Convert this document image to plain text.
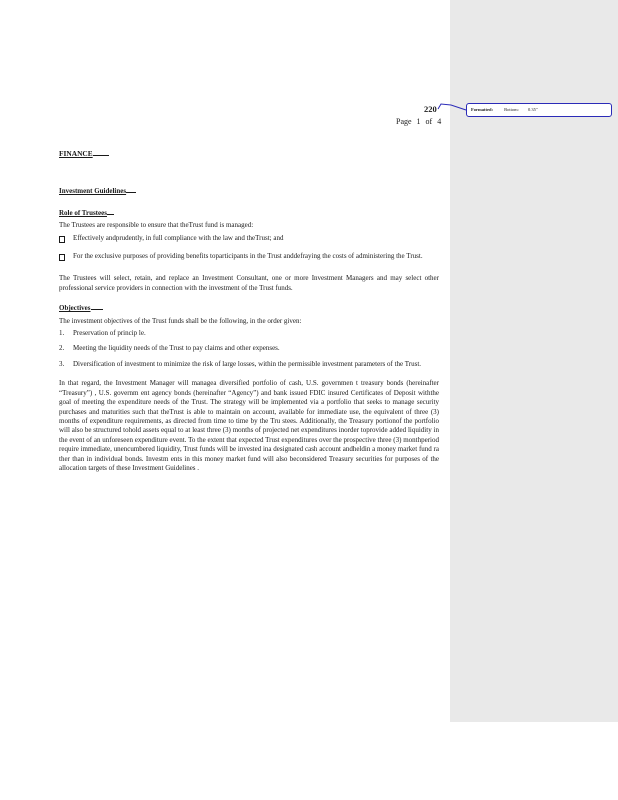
Formatted: Bottom: 0.35"
220
Page 1 of 4

FINANCE

Investment Guidelines

Role of Trustees

The Trustees are responsible to ensure that theTrust fund is managed:

Effectively andprudently, in full compliance with the law and theTrust; and

For the exclusive purposes of providing benefits toparticipants in the Trust anddefraying the costs of administering the Trust.

The Trustees will select, retain, and replace an Investment Consultant, one or more Investment Managers and may select other professional service providers in connection with the investment of the Trust funds.

Objectives

The investment objectives of the Trust funds shall be the following, in the order given:

1.	Preservation of princip le.

2.	Meeting the liquidity needs of the Trust to pay claims and other expenses.

3.	Diversification of investment to minimize the risk of large losses, within the permissible investment parameters of the Trust.

In that regard, the Investment Manager will managea diversified portfolio of cash, U.S. governmen t treasury bonds (hereinafter “Treasury”) , U.S. governm ent agency bonds (hereinafter “Agency”) and bank issued FDIC insured Certificates of Deposit withthe goal of meeting the expenditure needs of the Trust. The strategy will be implemented via a portfolio that seeks to manage security purchases and maturities such that theTrust is able to maintain on account, available for immediate use, the equivalent of three (3) months of expenditure requirements, as directed from time to time by the Tru stees. Additionally, the Treasury portionof the portfolio will also be structured tohold assets equal to at least three (3) months of projected net expenditures inorder toprovide added liquidity in the event of an unforeseen expenditure event. To the extent that expected Trust expenditures over the prospective three (3) monthperiod require immediate, unencumbered liquidity, Trust funds will be invested ina designated cash account andheldin a money market fund ra ther than in individual bonds. Investm ents in this money market fund will also beconsidered Treasury securities for purposes of the allocation targets of these Investment Guidelines .
